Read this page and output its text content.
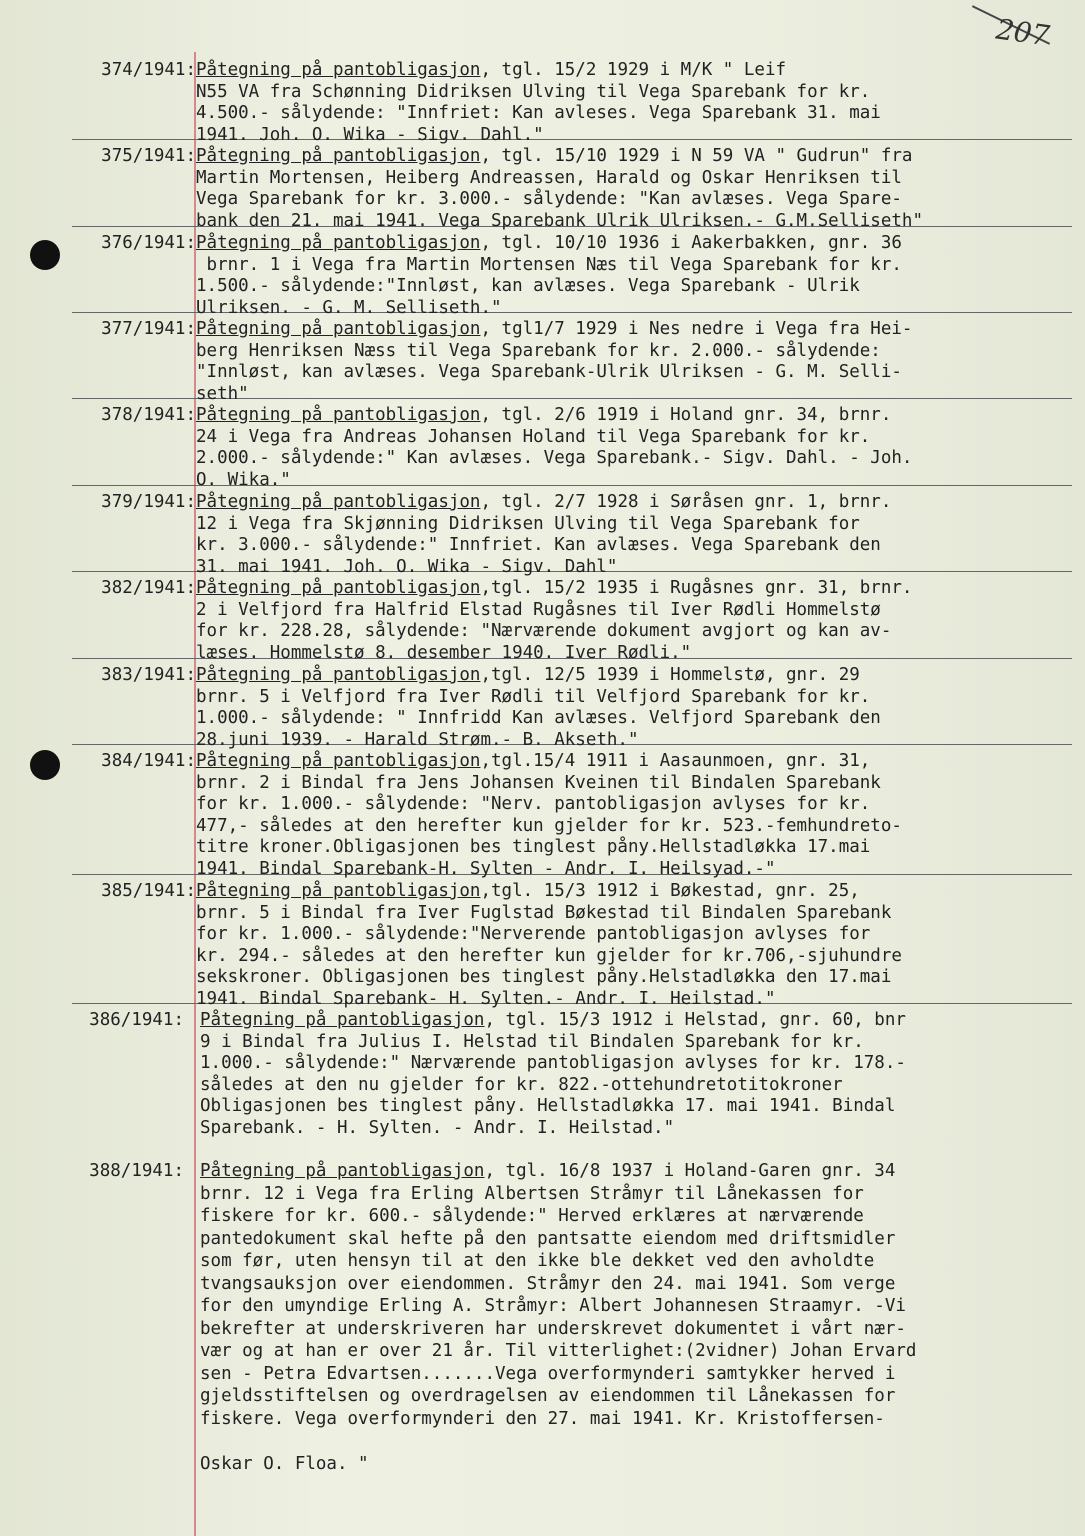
207
374/1941: Påtegning på pantobligasjon, tgl. 15/2 1929 i M/K " Leif
N55 VA fra Schønning Didriksen Ulving til Vega Sparebank for kr.
4.500.- sålydende: "Innfriet: Kan avleses. Vega Sparebank 31. mai
1941. Joh. O. Wika - Sigv. Dahl."
375/1941: Påtegning på pantobligasjon, tgl. 15/10 1929 i N 59 VA " Gudrun" fra
Martin Mortensen, Heiberg Andreassen, Harald og Oskar Henriksen til
Vega Sparebank for kr. 3.000.- sålydende: "Kan avlæses. Vega Spare-
bank den 21. mai 1941. Vega Sparebank Ulrik Ulriksen.- G.M.Selliseth"
376/1941: Påtegning på pantobligasjon, tgl. 10/10 1936 i Aakerbakken, gnr. 36
brnr. 1 i Vega fra Martin Mortensen Næs til Vega Sparebank for kr.
1.500.- sålydende:"Innløst, kan avlæses. Vega Sparebank - Ulrik
Ulriksen. - G. M. Selliseth."
377/1941: Påtegning på pantobligasjon, tgl1/7 1929 i Nes nedre i Vega fra Hei-
berg Henriksen Næss til Vega Sparebank for kr. 2.000.- sålydende:
"Innløst, kan avlæses. Vega Sparebank-Ulrik Ulriksen - G. M. Selli-
seth"
378/1941: Påtegning på pantobligasjon, tgl. 2/6 1919 i Holand gnr. 34, brnr.
24 i Vega fra Andreas Johansen Holand til Vega Sparebank for kr.
2.000.- sålydende:" Kan avlæses. Vega Sparebank.- Sigv. Dahl. - Joh.
O. Wika."
379/1941: Påtegning på pantobligasjon, tgl. 2/7 1928 i Søråsen gnr. 1, brnr.
12 i Vega fra Skjønning Didriksen Ulving til Vega Sparebank for
kr. 3.000.- sålydende:" Innfriet. Kan avlæses. Vega Sparebank den
31. mai 1941. Joh. O. Wika - Sigv. Dahl"
382/1941: Påtegning på pantobligasjon,tgl. 15/2 1935 i Rugåsnes gnr. 31, brnr.
2 i Velfjord fra Halfrid Elstad Rugåsnes til Iver Rødli Hommelstø
for kr. 228.28, sålydende: "Nærværende dokument avgjort og kan av-
læses. Hommelstø 8. desember 1940. Iver Rødli."
383/1941: Påtegning på pantobligasjon,tgl. 12/5 1939 i Hommelstø, gnr. 29
brnr. 5 i Velfjord fra Iver Rødli til Velfjord Sparebank for kr.
1.000.- sålydende: " Innfridd Kan avlæses. Velfjord Sparebank den
28.juni 1939. - Harald Strøm.- B. Akseth."
384/1941: Påtegning på pantobligasjon,tgl.15/4 1911 i Aasaunmoen, gnr. 31,
brnr. 2 i Bindal fra Jens Johansen Kveinen til Bindalen Sparebank
for kr. 1.000.- sålydende: "Nerv. pantobligasjon avlyses for kr.
477,- således at den herefter kun gjelder for kr. 523.-femhundreto-
titre kroner.Obligasjonen bes tinglest påny.Hellstadløkka 17.mai
1941. Bindal Sparebank-H. Sylten - Andr. I. Heilsyad.-"
385/1941: Påtegning på pantobligasjon,tgl. 15/3 1912 i Bøkestad, gnr. 25,
brnr. 5 i Bindal fra Iver Fuglstad Bøkestad til Bindalen Sparebank
for kr. 1.000.- sålydende:"Nerverende pantobligasjon avlyses for
kr. 294.- således at den herefter kun gjelder for kr.706,-sjuhundre
sekskroner. Obligasjonen bes tinglest påny.Helstadløkka den 17.mai
1941. Bindal Sparebank- H. Sylten.- Andr. I. Heilstad."
386/1941: Påtegning på pantobligasjon, tgl. 15/3 1912 i Helstad, gnr. 60, bnr
9 i Bindal fra Julius I. Helstad til Bindalen Sparebank for kr.
1.000.- sålydende:" Nærværende pantobligasjon avlyses for kr. 178.-
således at den nu gjelder for kr. 822.-ottehundretotitokroner
Obligasjonen bes tinglest påny. Hellstadløkka 17. mai 1941. Bindal
Sparebank. - H. Sylten. - Andr. I. Heilstad."
388/1941: Påtegning på pantobligasjon, tgl. 16/8 1937 i Holand-Garen gnr. 34
brnr. 12 i Vega fra Erling Albertsen Stråmyr til Lånekassen for
fiskere for kr. 600.- sålydende:" Herved erklæres at nærværende
pantedokument skal hefte på den pantsatte eiendom med driftsmidler
som før, uten hensyn til at den ikke ble dekket ved den avholdte
tvangsauksjon over eiendommen. Stråmyr den 24. mai 1941. Som verge
for den umyndige Erling A. Stråmyr: Albert Johannesen Straamyr. -Vi
bekrefter at underskriveren har underskrevet dokumentet i vårt nær-
vær og at han er over 21 år. Til vitterlighet:(2vidner) Johan Ervard
sen - Petra Edvartsen.......Vega overformynderi samtykker herved i
gjeldsstiftelsen og overdragelsen av eiendommen til Lånekassen for
fiskere. Vega overformynderi den 27. mai 1941. Kr. Kristoffersen-
Oskar O. Floa. "
